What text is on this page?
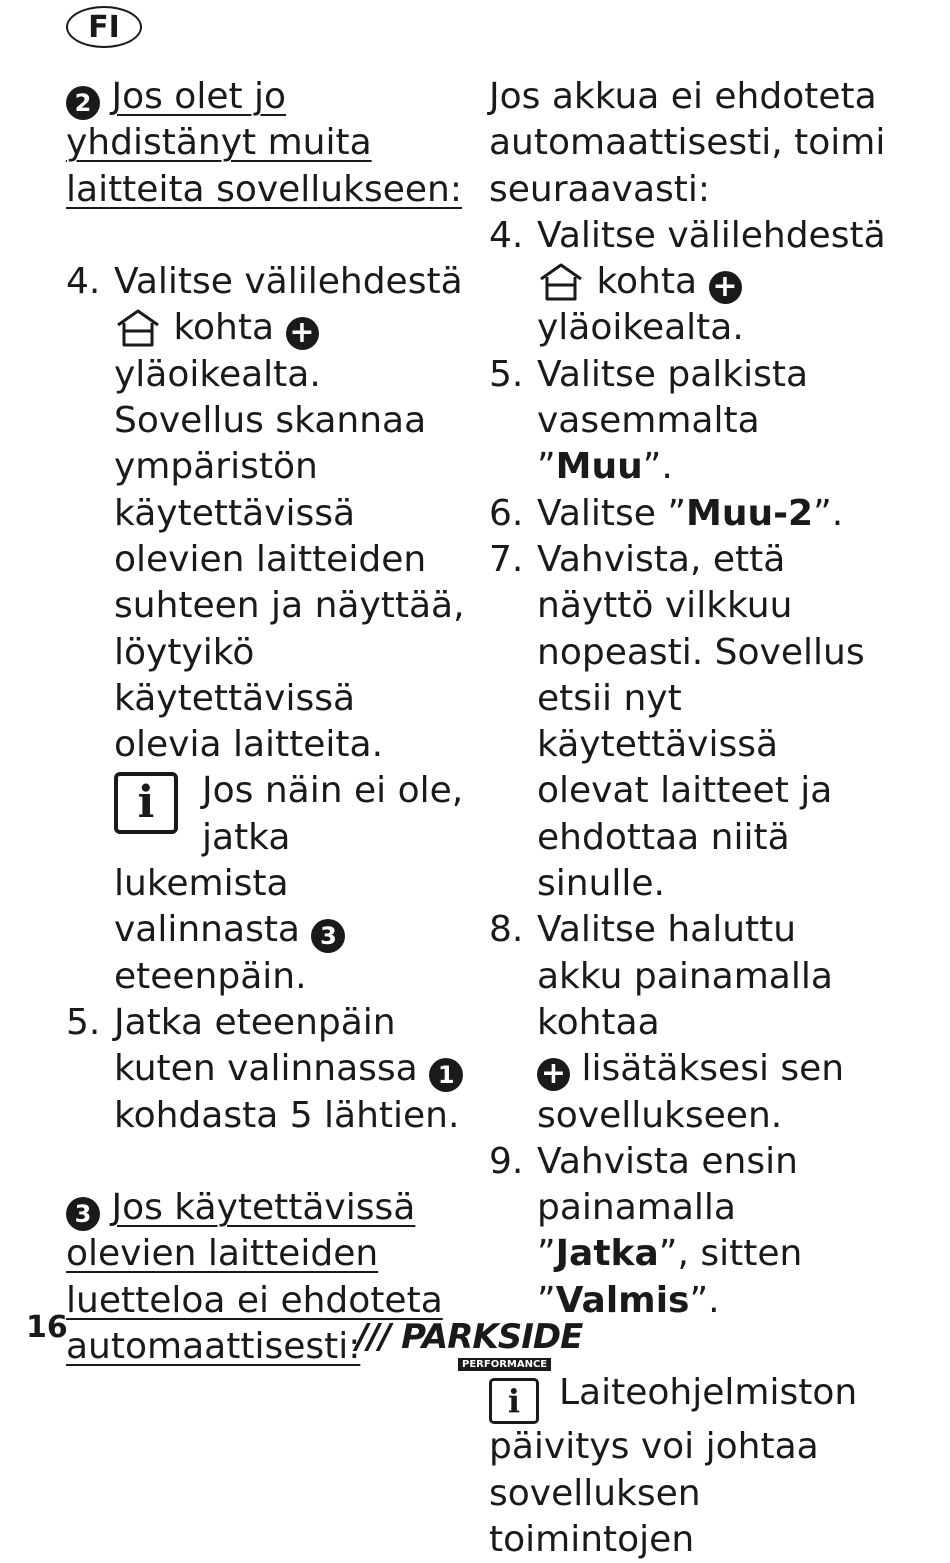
FI
2 Jos olet jo yhdistänyt muita laitteita sovellukseen:
4. Valitse välilehdestä
kohta + yläoikealta. Sovellus skannaa ympäristön käytettävissä olevien laitteiden suhteen ja näyttää, löytyikö käytettävissä olevia laitteita.
i	Jos näin ei ole, jatka lukemista valinnasta 3 eteenpäin.
5. Jatka eteenpäin kuten valinnassa 1 kohdasta 5 lähtien.
3 Jos käytettävissä olevien laitteiden luetteloa ei ehdoteta automaattisesti:
Jos akkua ei ehdoteta automaattisesti, toimi seuraavasti:
4. Valitse välilehdestä
kohta + yläoikealta.
5. Valitse palkista vasemmalta ”Muu”.
6. Valitse ”Muu-2”.
7. Vahvista, että näyttö vilkkuu nopeasti. Sovellus etsii nyt käytettävissä olevat laitteet ja ehdottaa niitä sinulle.
8. Valitse haluttu akku painamalla kohtaa
+ lisätäksesi sen sovellukseen.
9. Vahvista ensin painamalla ”Jatka”, sitten ”Valmis”.
i Laiteohjelmiston päivitys voi johtaa sovelluksen toimintojen
16	/// PARKSIDE
PERFORMANCE
